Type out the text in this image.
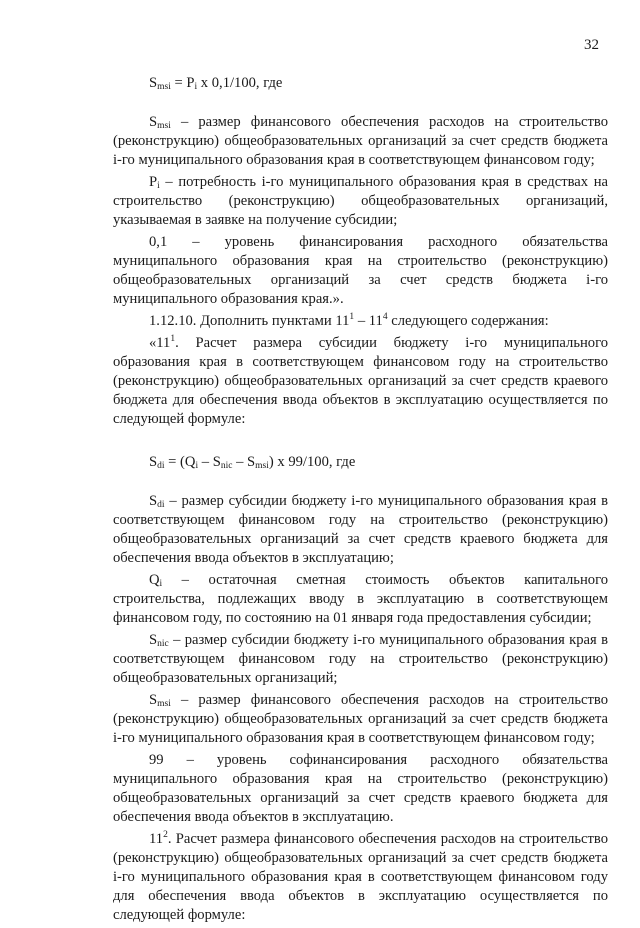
32

$S_{msi} = P_i$ x 0,1/100, где

$S_{msi}$ – размер финансового обеспечения расходов на строительство (реконструкцию) общеобразовательных организаций за счет средств бюджета i-го муниципального образования края в соответствующем финансовом году;

$P_i$ – потребность i-го муниципального образования края в средствах на строительство (реконструкцию) общеобразовательных организаций, указываемая в заявке на получение субсидии;

0,1 – уровень финансирования расходного обязательства муниципального образования края на строительство (реконструкцию) общеобразовательных организаций за счет средств бюджета i-го муниципального образования края.».

1.12.10. Дополнить пунктами $11^1 - 11^4$ следующего содержания:

«$11^1$. Расчет размера субсидии бюджету i-го муниципального образования края в соответствующем финансовом году на строительство (реконструкцию) общеобразовательных организаций за счет средств краевого бюджета для обеспечения ввода объектов в эксплуатацию осуществляется по следующей формуле:

$S_{di} = (Q_i - S_{nic} - S_{msi})$ x 99/100, где

$S_{di}$ – размер субсидии бюджету i-го муниципального образования края в соответствующем финансовом году на строительство (реконструкцию) общеобразовательных организаций за счет средств краевого бюджета для обеспечения ввода объектов в эксплуатацию;

$Q_i$ – остаточная сметная стоимость объектов капитального строительства, подлежащих вводу в эксплуатацию в соответствующем финансовом году, по состоянию на 01 января года предоставления субсидии;

$S_{nic}$ – размер субсидии бюджету i-го муниципального образования края в соответствующем финансовом году на строительство (реконструкцию) общеобразовательных организаций;

$S_{msi}$ – размер финансового обеспечения расходов на строительство (реконструкцию) общеобразовательных организаций за счет средств бюджета i-го муниципального образования края в соответствующем финансовом году;

99 – уровень софинансирования расходного обязательства муниципального образования края на строительство (реконструкцию) общеобразовательных организаций за счет средств краевого бюджета для обеспечения ввода объектов в эксплуатацию.

$11^2$. Расчет размера финансового обеспечения расходов на строительство (реконструкцию) общеобразовательных организаций за счет средств бюджета i-го муниципального образования края в соответствующем финансовом году для обеспечения ввода объектов в эксплуатацию осуществляется по следующей формуле:
